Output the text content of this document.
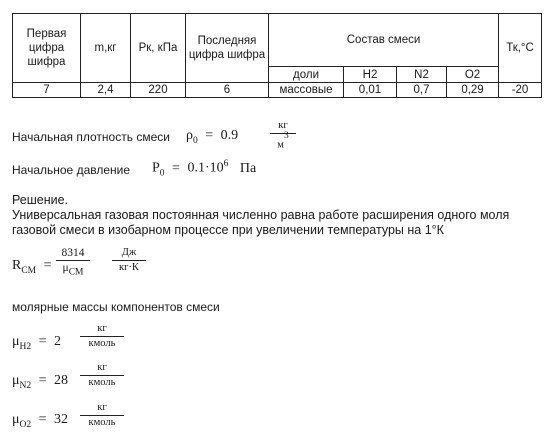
Первая цифра шифра	m,кг	Pк, кПа	Последняя цифра шифра	Состав смеси				Тк,°С
				доли	H2	N2	O2	
7	2,4	220	6	массовые	0,01	0,7	0,29	-20
Начальная плотность смеси $\rho_0 = 0.9$
кг
$м^3$
Начальное давление $P_0 = 0.1\cdot 10^6$ Па
Решение.
Универсальная газовая постоянная численно равна работе расширения одного моля
газовой смеси в изобарном процессе при увеличении температуры на 1°К
$R_{CM}$ =
8314
$\mu_{CM}$
Дж
кг·К
молярные массы компонентов смеси
$\mu_{H2} = 2$
кг
кмоль
$\mu_{N2} = 28$
кг
кмоль
$\mu_{O2} = 32$
кг
кмоль
